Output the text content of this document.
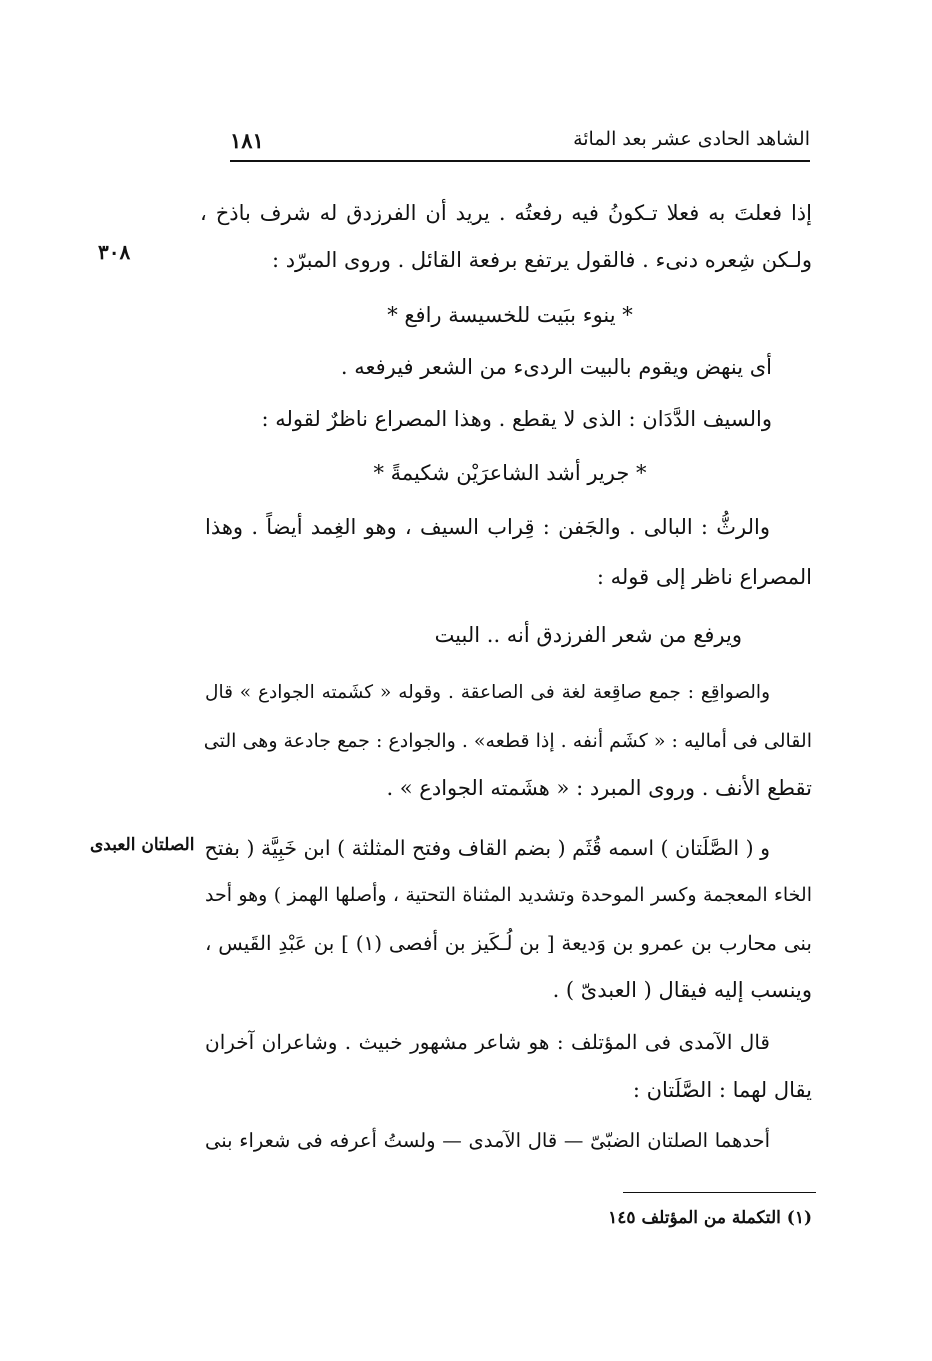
الشاهد الحادى عشر بعد المائة
١٨١
٣٠٨
الصلتان العبدى
إذا فعلتَ به فعلا تـكونُ فيه رفعتُه . يريد أن الفرزدق له شرف باذخ ،
ولـكن شِعره دنىء . فالقول يرتفع برفعة القائل . وروى المبرّد :
* ينوء ببَيت للخسيسة رافع *
أى ينهض ويقوم بالبيت الردىء من الشعر فيرفعه .
والسيف الدَّدَان : الذى لا يقطع . وهذا المصراع ناظرٌ لقوله :
* جرير أشد الشاعرَيْن شكيمةً *
والرثُّ : البالى . والجَفن : قِراب السيف ، وهو الغِمد أيضاً . وهذا
المصراع ناظر إلى قوله :
ويرفع من شعر الفرزدق أنه .. البيت
والصواقِع : جمع صاقِعة لغة فى الصاعقة . وقوله « كشَمته الجوادع » قال
القالى فى أماليه : « كشَم أنفه . إذا قطعه» . والجوادع : جمع جادعة وهى التى
تقطع الأنف . وروى المبرد : « هشَمته الجوادع » .
و ( الصَّلَتان ) اسمه قُثَم ( بضم القاف وفتح المثلثة ) ابن خَبِيَّة ( بفتح
الخاء المعجمة وكسر الموحدة وتشديد المثناة التحتية ، وأصلها الهمز ) وهو أحد
بنى محارب بن عمرو بن وَديعة [ بن لُـكَيز بن أفصى (١) ] بن عَبْدِ القَيس ،
وينسب إليه فيقال ( العبدىّ ) .
قال الآمدى فى المؤتلف : هو شاعر مشهور خبيث . وشاعران آخران
يقال لهما : الصَّلَتان :
أحدهما الصلتان الضبّىّ — قال الآمدى — ولستُ أعرفه فى شعراء بنى
(١) التكملة من المؤتلف ١٤٥
